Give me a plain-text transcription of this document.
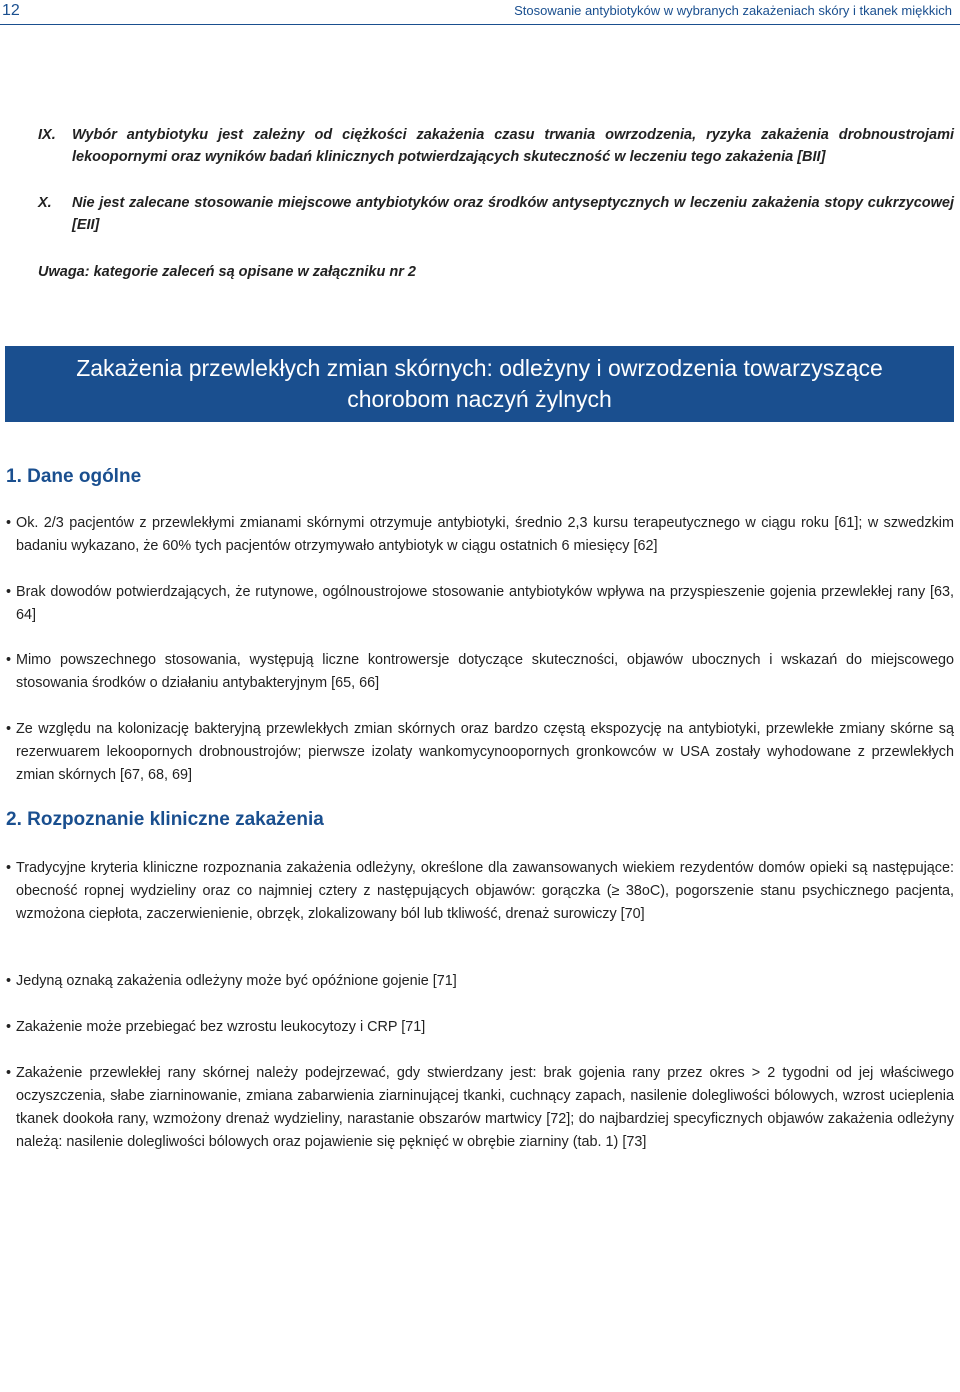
12	Stosowanie antybiotyków w wybranych zakażeniach skóry i tkanek miękkich
IX. Wybór antybiotyku jest zależny od ciężkości zakażenia czasu trwania owrzodzenia, ryzyka zakażenia drobnoustrojami lekoopornymi oraz wyników badań klinicznych potwierdzających skuteczność w leczeniu tego zakażenia [BII]
X. Nie jest zalecane stosowanie miejscowe antybiotyków oraz środków antyseptycznych w leczeniu zakażenia stopy cukrzycowej [EII]
Uwaga: kategorie zaleceń są opisane w załączniku nr 2
Zakażenia przewlekłych zmian skórnych: odleżyny i owrzodzenia towarzyszące chorobom naczyń żylnych
1. Dane ogólne
• Ok. 2/3 pacjentów z przewlekłymi zmianami skórnymi otrzymuje antybiotyki, średnio 2,3 kursu terapeutycznego w ciągu roku [61]; w szwedzkim badaniu wykazano, że 60% tych pacjentów otrzymywało antybiotyk w ciągu ostatnich 6 miesięcy [62]
• Brak dowodów potwierdzających, że rutynowe, ogólnoustrojowe stosowanie antybiotyków wpływa na przyspieszenie gojenia przewlekłej rany [63, 64]
• Mimo powszechnego stosowania, występują liczne kontrowersje dotyczące skuteczności, objawów ubocznych i wskazań do miejscowego stosowania środków o działaniu antybakteryjnym [65, 66]
• Ze względu na kolonizację bakteryjną przewlekłych zmian skórnych oraz bardzo częstą ekspozycję na antybiotyki, przewlekłe zmiany skórne są rezerwuarem lekoopornych drobnoustrojów; pierwsze izolaty wankomycynoopornych gronkowców w USA zostały wyhodowane z przewlekłych zmian skórnych [67, 68, 69]
2. Rozpoznanie kliniczne zakażenia
• Tradycyjne kryteria kliniczne rozpoznania zakażenia odleżyny, określone dla zawansowanych wiekiem rezydentów domów opieki są następujące: obecność ropnej wydzieliny oraz co najmniej cztery z następujących objawów: gorączka (≥ 38oC), pogorszenie stanu psychicznego pacjenta, wzmożona ciepłota, zaczerwienienie, obrzęk, zlokalizowany ból lub tkliwość, drenaż surowiczy [70]
• Jedyną oznaką zakażenia odleżyny może być opóźnione gojenie [71]
• Zakażenie może przebiegać bez wzrostu leukocytozy i CRP [71]
• Zakażenie przewlekłej rany skórnej należy podejrzewać, gdy stwierdzany jest: brak gojenia rany przez okres > 2 tygodni od jej właściwego oczyszczenia, słabe ziarninowanie, zmiana zabarwienia ziarninującej tkanki, cuchnący zapach, nasilenie dolegliwości bólowych, wzrost ucieplenia tkanek dookoła rany, wzmożony drenaż wydzieliny, narastanie obszarów martwicy [72]; do najbardziej specyficznych objawów zakażenia odleżyny należą: nasilenie dolegliwości bólowych oraz pojawienie się pęknięć w obrębie ziarniny (tab. 1) [73]
